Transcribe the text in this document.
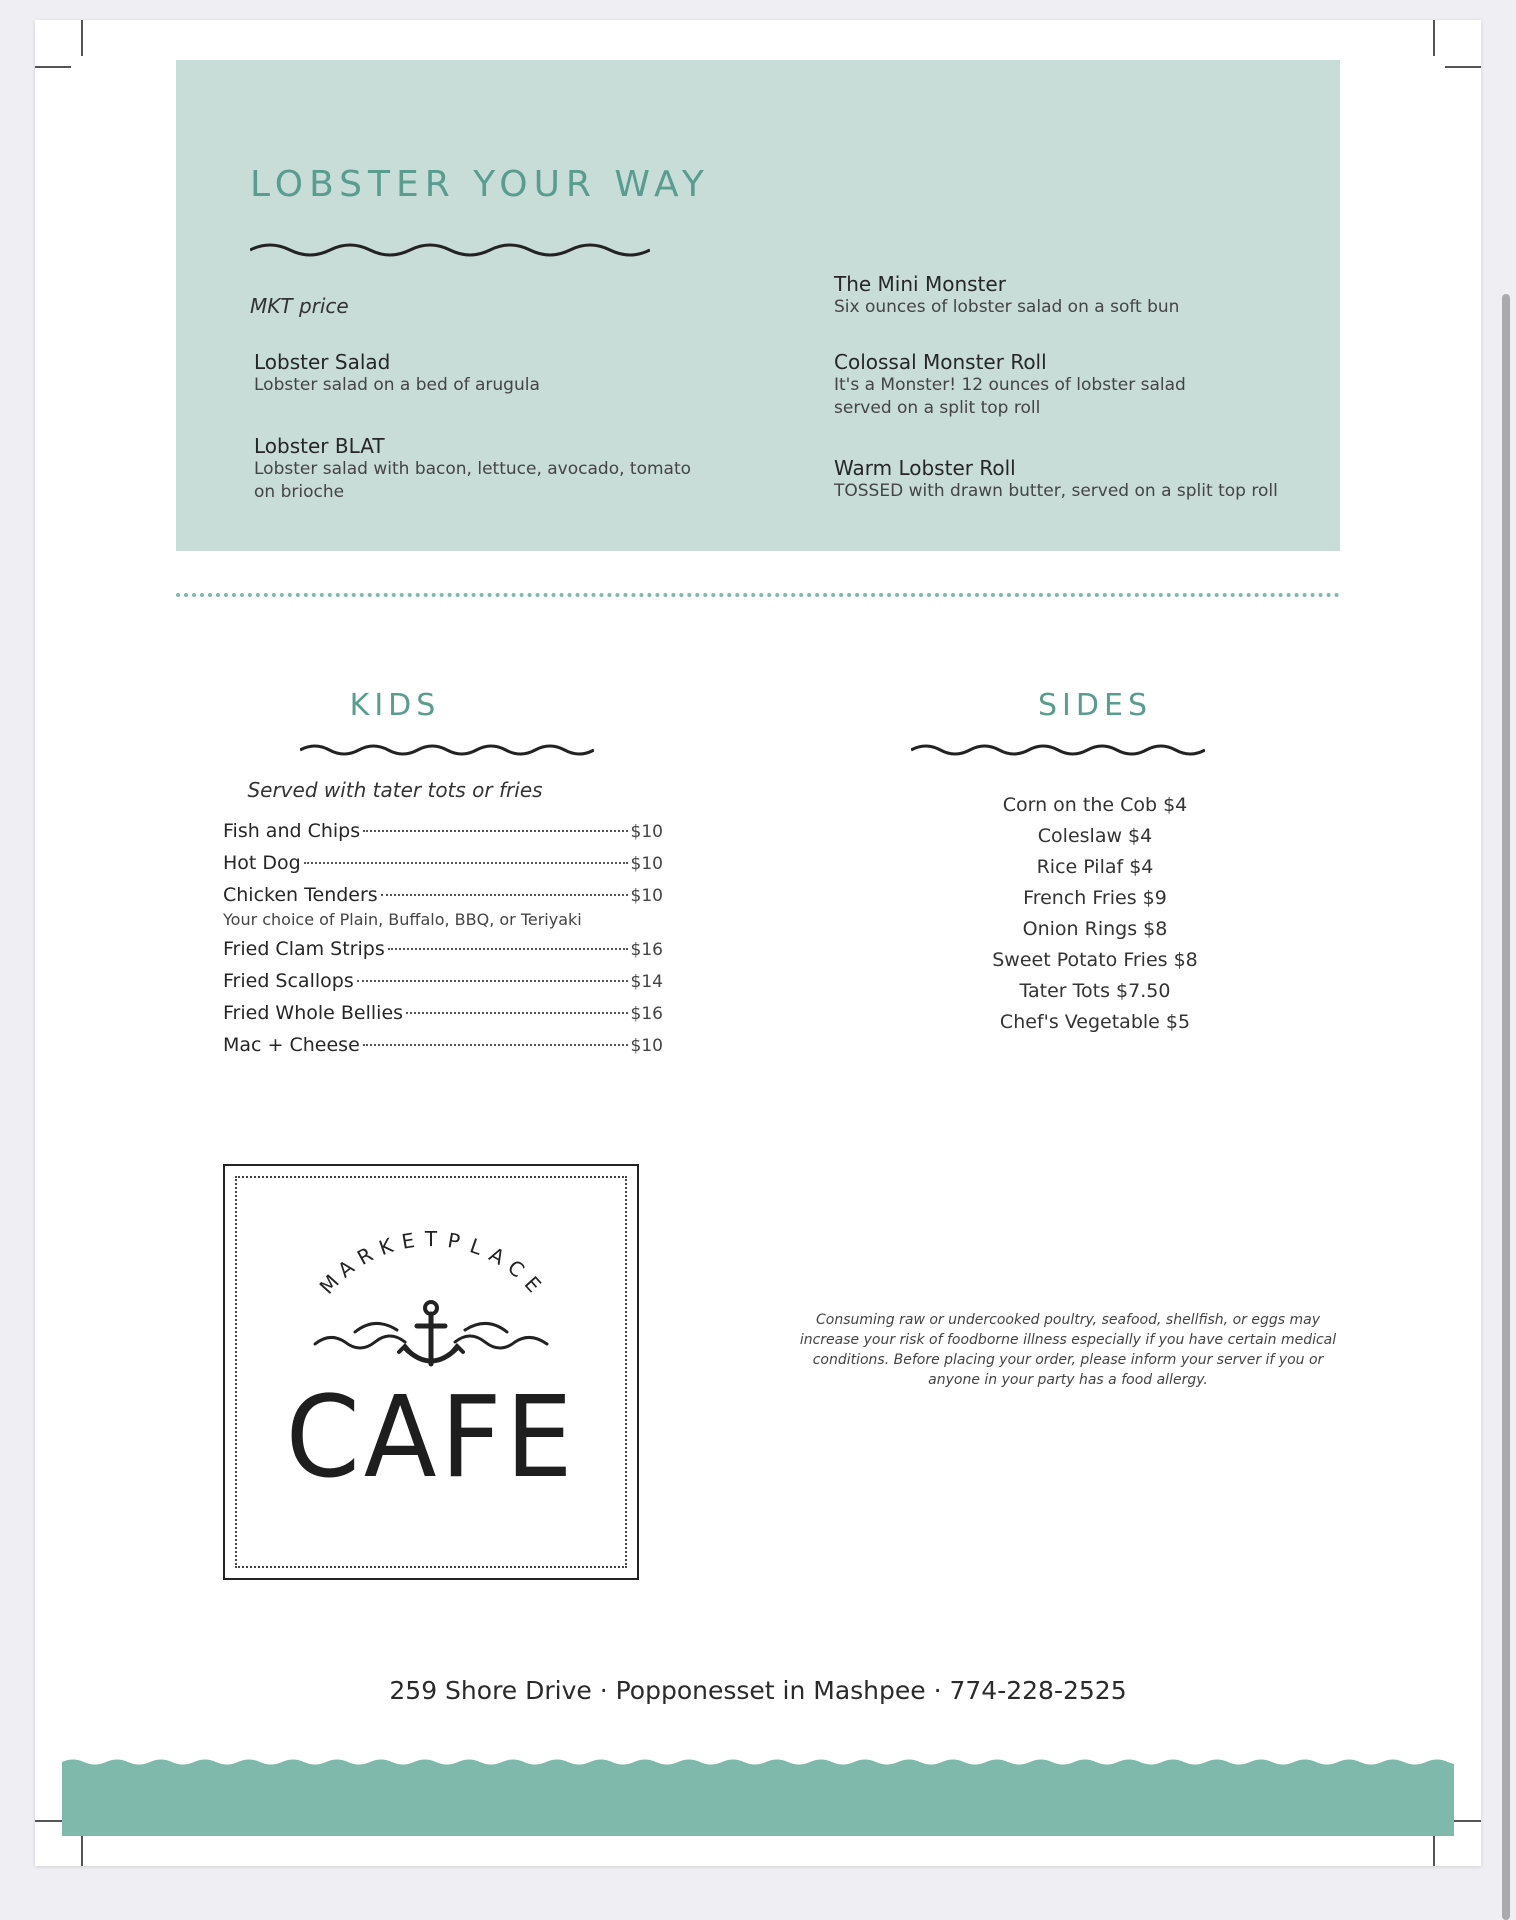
LOBSTER YOUR WAY
MKT price
Lobster Salad
Lobster salad on a bed of arugula
Lobster BLAT
Lobster salad with bacon, lettuce, avocado, tomato on brioche
The Mini Monster
Six ounces of lobster salad on a soft bun
Colossal Monster Roll
It's a Monster! 12 ounces of lobster salad served on a split top roll
Warm Lobster Roll
TOSSED with drawn butter, served on a split top roll
KIDS
Served with tater tots or fries
Fish and Chips	$10
Hot Dog	$10
Chicken Tenders	$10
Your choice of Plain, Buffalo, BBQ, or Teriyaki
Fried Clam Strips	$16
Fried Scallops	$14
Fried Whole Bellies	$16
Mac + Cheese	$10
SIDES
Corn on the Cob $4
Coleslaw $4
Rice Pilaf $4
French Fries $9
Onion Rings $8
Sweet Potato Fries $8
Tater Tots $7.50
Chef's Vegetable $5
M
A
R
K E T P L A
C
E
CAFE
Consuming raw or undercooked poultry, seafood, shellfish, or eggs may increase your risk of foodborne illness especially if you have certain medical conditions. Before placing your order, please inform your server if you or anyone in your party has a food allergy.
259 Shore Drive · Popponesset in Mashpee · 774-228-2525
